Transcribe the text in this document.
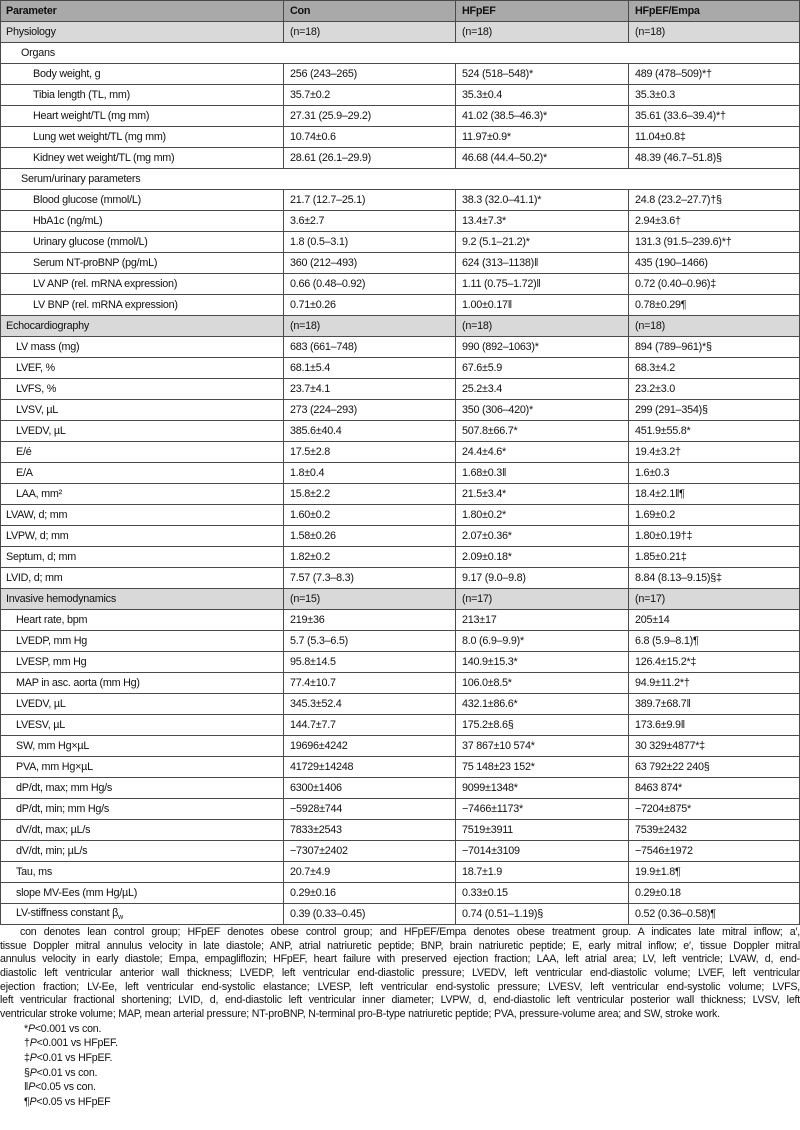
Parameter	Con	HFpEF	HFpEF/Empa
Physiology	(n=18)	(n=18)	(n=18)
Organs			
Body weight, g	256 (243–265)	524 (518–548)*	489 (478–509)*†
Tibia length (TL, mm)	35.7±0.2	35.3±0.4	35.3±0.3
Heart weight/TL (mg mm)	27.31 (25.9–29.2)	41.02 (38.5–46.3)*	35.61 (33.6–39.4)*†
Lung wet weight/TL (mg mm)	10.74±0.6	11.97±0.9*	11.04±0.8‡
Kidney wet weight/TL (mg mm)	28.61 (26.1–29.9)	46.68 (44.4–50.2)*	48.39 (46.7–51.8)§
Serum/urinary parameters			
Blood glucose (mmol/L)	21.7 (12.7–25.1)	38.3 (32.0–41.1)*	24.8 (23.2–27.7)†§
HbA1c (ng/mL)	3.6±2.7	13.4±7.3*	2.94±3.6†
Urinary glucose (mmol/L)	1.8 (0.5–3.1)	9.2 (5.1–21.2)*	131.3 (91.5–239.6)*†
Serum NT-proBNP (pg/mL)	360 (212–493)	624 (313–1138)‖	435 (190–1466)
LV ANP (rel. mRNA expression)	0.66 (0.48–0.92)	1.11 (0.75–1.72)‖	0.72 (0.40–0.96)‡
LV BNP (rel. mRNA expression)	0.71±0.26	1.00±0.17‖	0.78±0.29¶
Echocardiography	(n=18)	(n=18)	(n=18)
LV mass (mg)	683 (661–748)	990 (892–1063)*	894 (789–961)*§
LVEF, %	68.1±5.4	67.6±5.9	68.3±4.2
LVFS, %	23.7±4.1	25.2±3.4	23.2±3.0
LVSV, µL	273 (224–293)	350 (306–420)*	299 (291–354)§
LVEDV, µL	385.6±40.4	507.8±66.7*	451.9±55.8*
E/é	17.5±2.8	24.4±4.6*	19.4±3.2†
E/A	1.8±0.4	1.68±0.3‖	1.6±0.3
LAA, mm²	15.8±2.2	21.5±3.4*	18.4±2.1‖¶
LVAW, d; mm	1.60±0.2	1.80±0.2*	1.69±0.2
LVPW, d; mm	1.58±0.26	2.07±0.36*	1.80±0.19†‡
Septum, d; mm	1.82±0.2	2.09±0.18*	1.85±0.21‡
LVID, d; mm	7.57 (7.3–8.3)	9.17 (9.0–9.8)	8.84 (8.13–9.15)§‡
Invasive hemodynamics	(n=15)	(n=17)	(n=17)
Heart rate, bpm	219±36	213±17	205±14
LVEDP, mm Hg	5.7 (5.3–6.5)	8.0 (6.9–9.9)*	6.8 (5.9–8.1)¶
LVESP, mm Hg	95.8±14.5	140.9±15.3*	126.4±15.2*‡
MAP in asc. aorta (mm Hg)	77.4±10.7	106.0±8.5*	94.9±11.2*†
LVEDV, µL	345.3±52.4	432.1±86.6*	389.7±68.7‖
LVESV, µL	144.7±7.7	175.2±8.6§	173.6±9.9‖
SW, mm Hg×µL	19696±4242	37 867±10 574*	30 329±4877*‡
PVA, mm Hg×µL	41729±14248	75 148±23 152*	63 792±22 240§
dP/dt, max; mm Hg/s	6300±1406	9099±1348*	8463 874*
dP/dt, min; mm Hg/s	−5928±744	−7466±1173*	−7204±875*
dV/dt, max; µL/s	7833±2543	7519±3911	7539±2432
dV/dt, min; µL/s	−7307±2402	−7014±3109	−7546±1972
Tau, ms	20.7±4.9	18.7±1.9	19.9±1.8¶
slope MV-Ees (mm Hg/µL)	0.29±0.16	0.33±0.15	0.29±0.18
LV-stiffness constant $\beta_w$	0.39 (0.33–0.45)	0.74 (0.51–1.19)§	0.52 (0.36–0.58)¶
con denotes lean control group; HFpEF denotes obese control group; and HFpEF/Empa denotes obese treatment group. A indicates late mitral inflow; a′,
tissue Doppler mitral annulus velocity in late diastole; ANP, atrial natriuretic peptide; BNP, brain natriuretic peptide; E, early mitral inflow; e′, tissue Doppler mitral
annulus velocity in early diastole; Empa, empagliflozin; HFpEF, heart failure with preserved ejection fraction; LAA, left atrial area; LV, left ventricle; LVAW, d, end-
diastolic left ventricular anterior wall thickness; LVEDP, left ventricular end-diastolic pressure; LVEDV, left ventricular end-diastolic volume; LVEF, left ventricular
ejection fraction; LV-Ee, left ventricular end-systolic elastance; LVESP, left ventricular end-systolic pressure; LVESV, left ventricular end-systolic volume; LVFS,
left ventricular fractional shortening; LVID, d, end-diastolic left ventricular inner diameter; LVPW, d, end-diastolic left ventricular posterior wall thickness; LVSV, left
ventricular stroke volume; MAP, mean arterial pressure; NT-proBNP, N-terminal pro-B-type natriuretic peptide; PVA, pressure-volume area; and SW, stroke work.
*P<0.001 vs con.
†P<0.001 vs HFpEF.
‡P<0.01 vs HFpEF.
§P<0.01 vs con.
‖P<0.05 vs con.
¶P<0.05 vs HFpEF
